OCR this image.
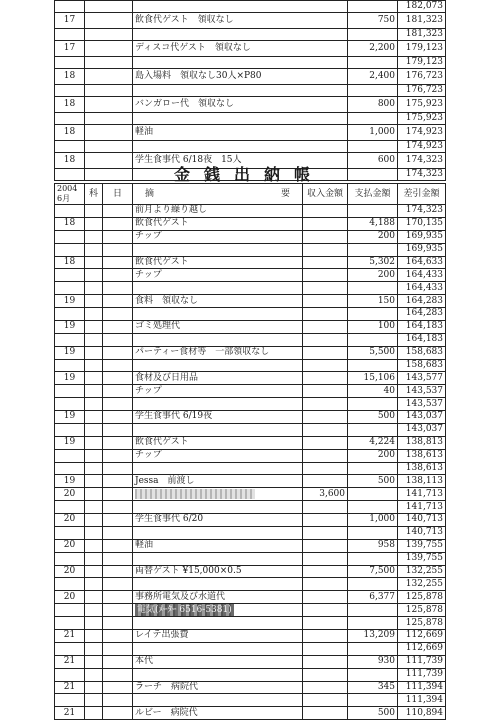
				182,073
17		飲食代ゲスト　領収なし	750	181,323
				181,323
17		ディスコ代ゲスト　領収なし	2,200	179,123
				179,123
18		島入場料　領収なし30人×P80	2,400	176,723
				176,723
18		バンガロー代　領収なし	800	175,923
				175,923
18		軽油	1,000	174,923
				174,923
18		学生食事代 6/18夜　15人	600	174,323
				174,323
金銭出納帳
2004
6月	科	日	摘	要	収入金額	支払金額	差引金額
			前月より繰り越し				174,323
18			飲食代ゲスト			4,188	170,135
			チップ			200	169,935
							169,935
18			飲食代ゲスト			5,302	164,633
			チップ			200	164,433
							164,433
19			食料　領収なし			150	164,283
							164,283
19			ゴミ処理代			100	164,183
							164,183
19			パーティー食材等　一部領収なし			5,500	158,683
							158,683
19			食材及び日用品			15,106	143,577
			チップ			40	143,537
							143,537
19			学生食事代 6/19夜			500	143,037
							143,037
19			飲食代ゲスト			4,224	138,813
			チップ			200	138,613
							138,613
19			Jessa　前渡し			500	138,113
20					3,600		141,713
							141,713
20			学生食事代 6/20			1,000	140,713
							140,713
20			軽油			958	139,755
							139,755
20			両替ゲスト ¥15,000×0.5			7,500	132,255
							132,255
20			事務所電気及び水道代			6,377	125,878
			電気(ﾒｰﾀｰ 6516-5381)				125,878
							125,878
21			レイテ出張費			13,209	112,669
							112,669
21			本代			930	111,739
							111,739
21			ラーチ　病院代			345	111,394
							111,394
21			ルビー　病院代			500	110,894
